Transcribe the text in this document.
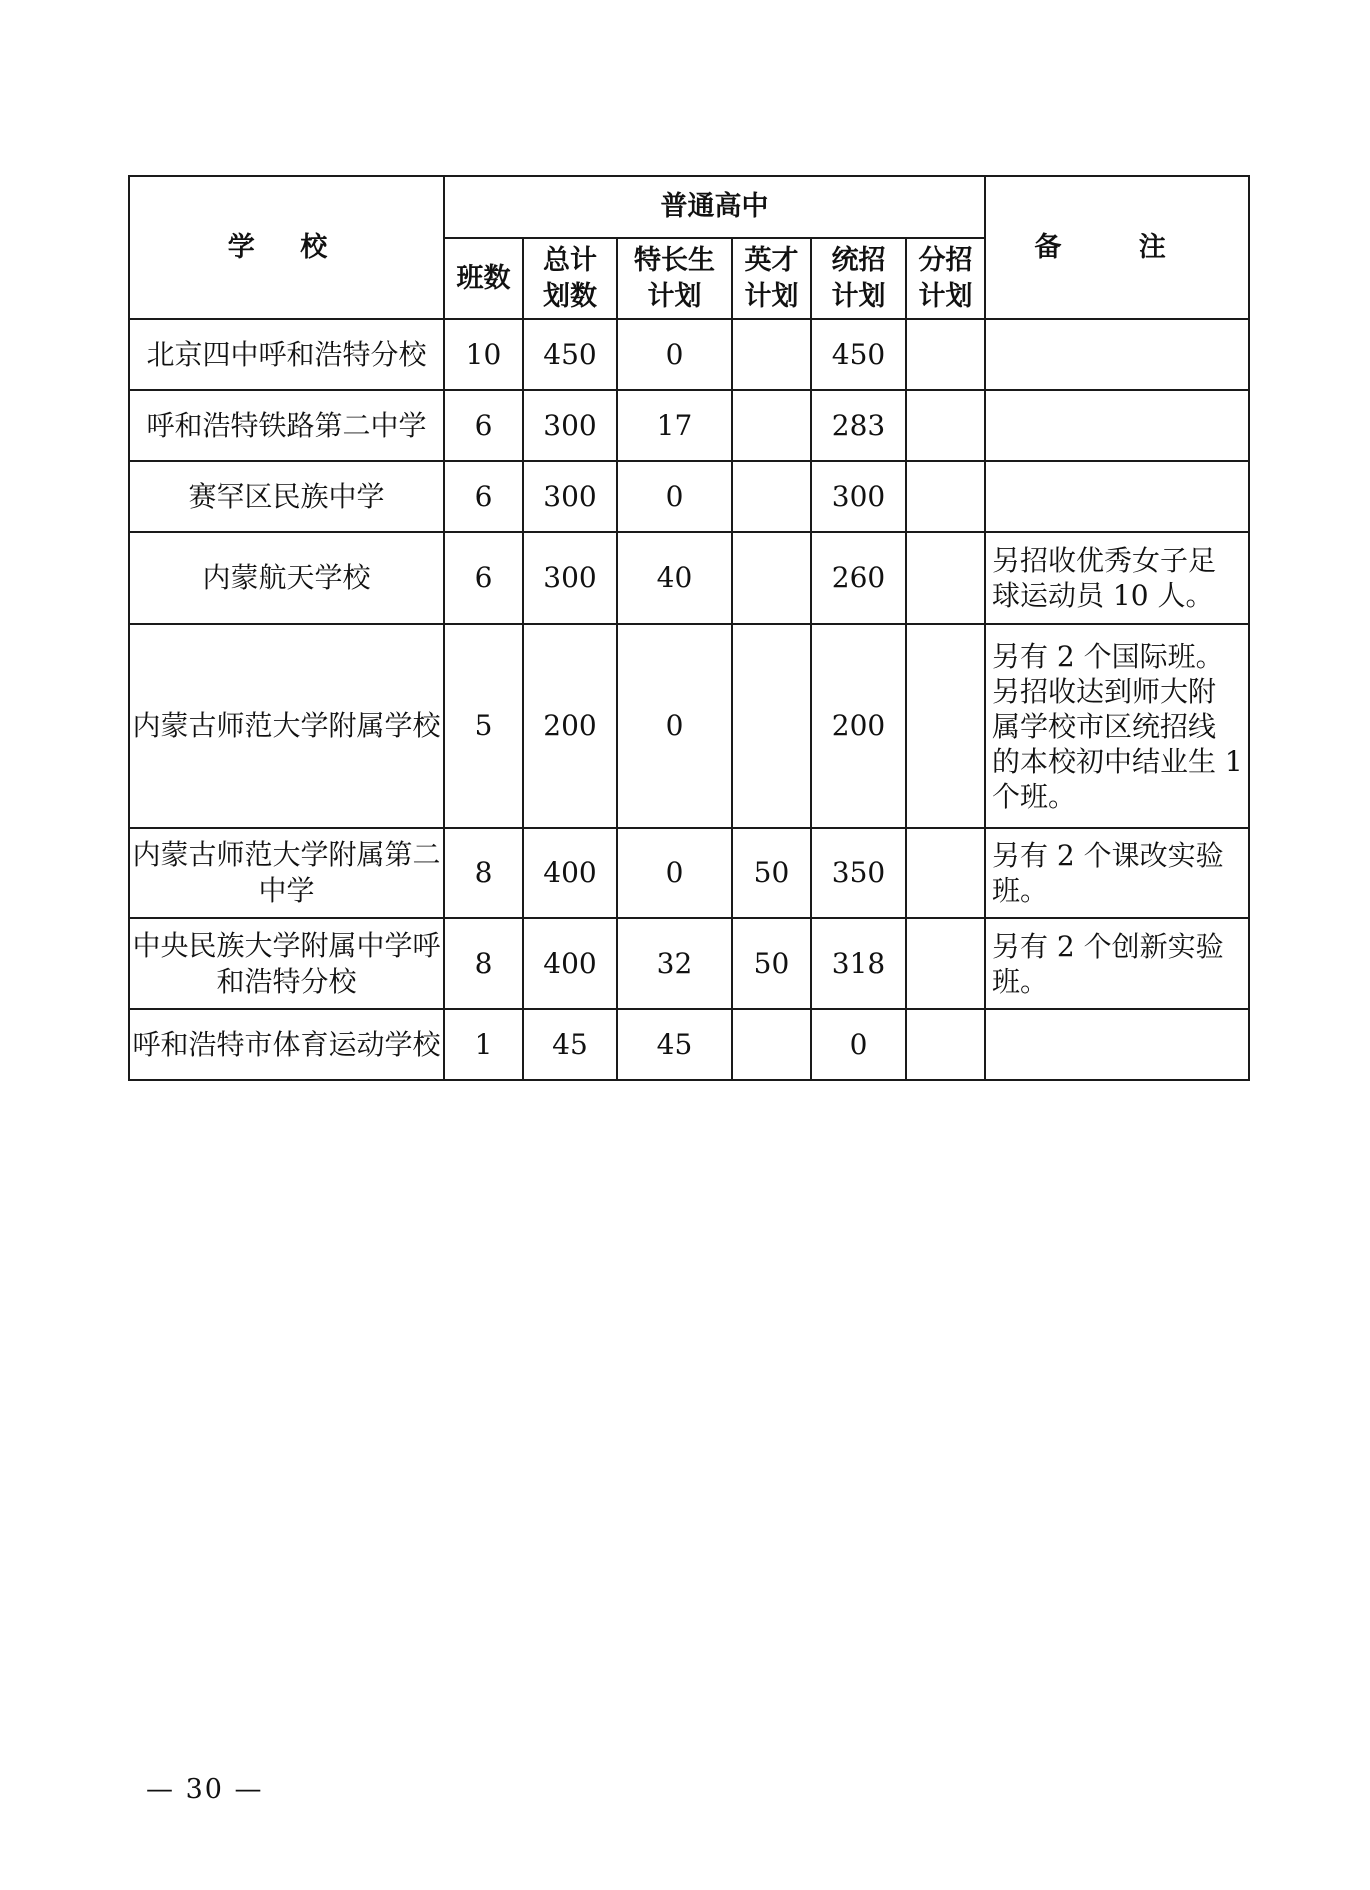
学 校	普通高中						备 注
	班数	总计划数	特长生计划	英才计划	统招计划	分招计划	
北京四中呼和浩特分校	10	450	0		450		
呼和浩特铁路第二中学	6	300	17		283		
赛罕区民族中学	6	300	0		300		
内蒙航天学校	6	300	40		260		另招收优秀女子足球运动员 10 人。
内蒙古师范大学附属学校	5	200	0		200		另有 2 个国际班。另招收达到师大附属学校市区统招线的本校初中结业生 1 个班。
内蒙古师范大学附属第二中学	8	400	0	50	350		另有 2 个课改实验班。
中央民族大学附属中学呼和浩特分校	8	400	32	50	318		另有 2 个创新实验班。
呼和浩特市体育运动学校	1	45	45		0		
— 30 —
